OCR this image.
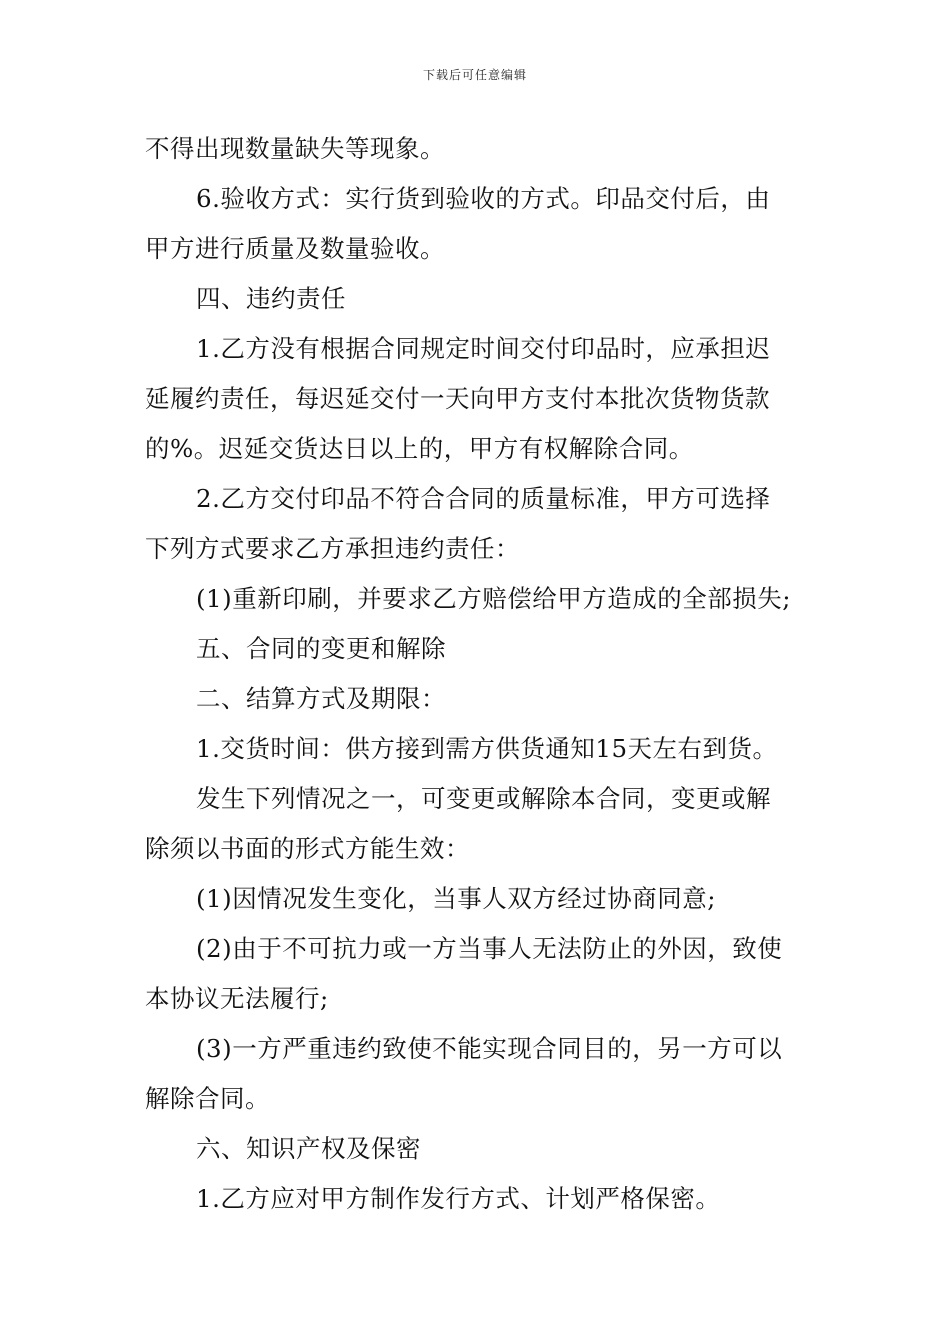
下载后可任意编辑
不得出现数量缺失等现象。
6.验收方式：实行货到验收的方式。印品交付后，由
甲方进行质量及数量验收。
四、违约责任
1.乙方没有根据合同规定时间交付印品时，应承担迟
延履约责任，每迟延交付一天向甲方支付本批次货物货款
的%。迟延交货达日以上的，甲方有权解除合同。
2.乙方交付印品不符合合同的质量标准，甲方可选择
下列方式要求乙方承担违约责任：
(1)重新印刷，并要求乙方赔偿给甲方造成的全部损失;
五、合同的变更和解除
二、结算方式及期限：
1.交货时间：供方接到需方供货通知15天左右到货。
发生下列情况之一，可变更或解除本合同，变更或解
除须以书面的形式方能生效：
(1)因情况发生变化，当事人双方经过协商同意;
(2)由于不可抗力或一方当事人无法防止的外因，致使
本协议无法履行;
(3)一方严重违约致使不能实现合同目的，另一方可以
解除合同。
六、知识产权及保密
1.乙方应对甲方制作发行方式、计划严格保密。
